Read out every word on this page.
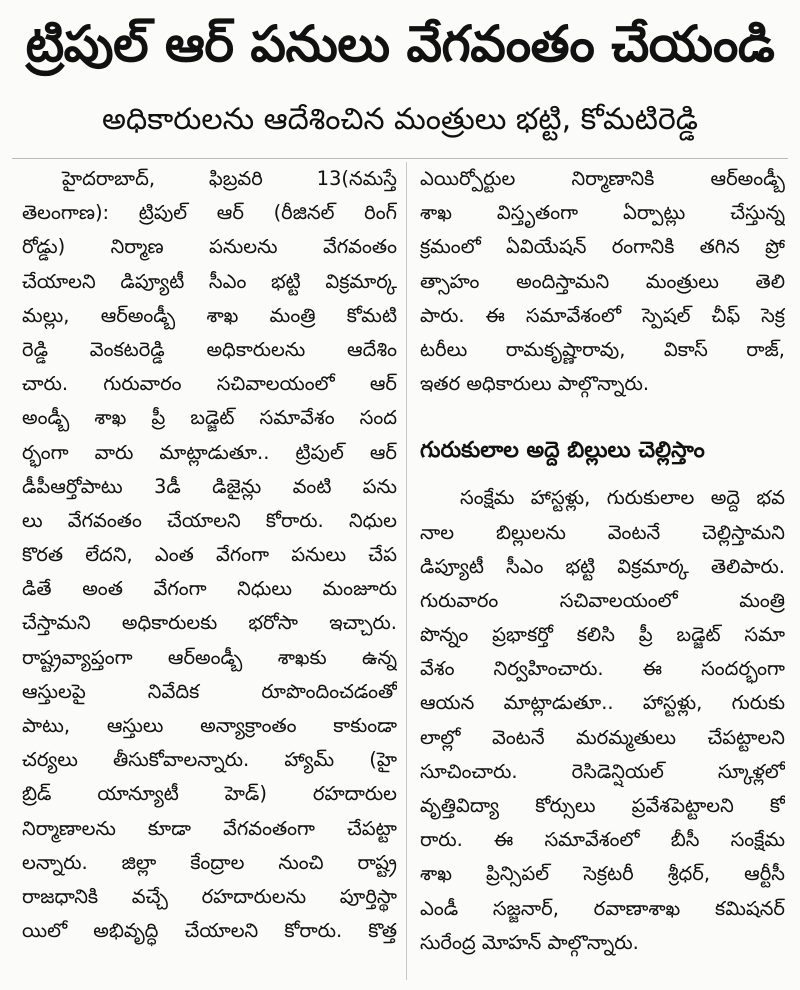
ట్రిపుల్ ఆర్ పనులు వేగవంతం చేయండి
అధికారులను ఆదేశించిన మంత్రులు భట్టి, కోమటిరెడ్డి
హైదరాబాద్, ఫిబ్రవరి 13(నమస్తే
తెలంగాణ): ట్రిపుల్ ఆర్ (రీజినల్ రింగ్
రోడ్డు) నిర్మాణ పనులను వేగవంతం
చేయాలని డిప్యూటీ సీఎం భట్టి విక్రమార్క
మల్లు, ఆర్అండ్బీ శాఖ మంత్రి కోమటి
రెడ్డి వెంకటరెడ్డి అధికారులను ఆదేశిం
చారు. గురువారం సచివాలయంలో ఆర్
అండ్బీ శాఖ ప్రీ బడ్జెట్ సమావేశం సంద
ర్భంగా వారు మాట్లాడుతూ.. ట్రిపుల్ ఆర్
డీపీఆర్తోపాటు 3డీ డిజైన్లు వంటి పను
లు వేగవంతం చేయాలని కోరారు. నిధుల
కొరత లేదని, ఎంత వేగంగా పనులు చేప
డితే అంత వేగంగా నిధులు మంజూరు
చేస్తామని అధికారులకు భరోసా ఇచ్చారు.
రాష్ట్రవ్యాప్తంగా ఆర్అండ్బీ శాఖకు ఉన్న
ఆస్తులపై నివేదిక రూపొందించడంతో
పాటు, ఆస్తులు అన్యాక్రాంతం కాకుండా
చర్యలు తీసుకోవాలన్నారు. హ్యామ్ (హై
బ్రిడ్ యాన్యూటీ హెడ్) రహదారుల
నిర్మాణాలను కూడా వేగవంతంగా చేపట్టా
లన్నారు. జిల్లా కేంద్రాల నుంచి రాష్ట్ర
రాజధానికి వచ్చే రహదారులను పూర్తిస్థా
యిలో అభివృద్ధి చేయాలని కోరారు. కొత్త
ఎయిర్పోర్టుల నిర్మాణానికి ఆర్అండ్బీ
శాఖ విస్తృతంగా ఏర్పాట్లు చేస్తున్న
క్రమంలో ఏవియేషన్ రంగానికి తగిన ప్రో
త్సాహం అందిస్తామని మంత్రులు తెలి
పారు. ఈ సమావేశంలో స్పెషల్ చీఫ్ సెక్ర
టరీలు రామకృష్ణారావు, వికాస్ రాజ్,
ఇతర అధికారులు పాల్గొన్నారు.
గురుకులాల అద్దె బిల్లులు చెల్లిస్తాం
సంక్షేమ హాస్టళ్లు, గురుకులాల అద్దె భవ
నాల బిల్లులను వెంటనే చెల్లిస్తామని
డిప్యూటీ సీఎం భట్టి విక్రమార్క తెలిపారు.
గురువారం సచివాలయంలో మంత్రి
పొన్నం ప్రభాకర్తో కలిసి ప్రీ బడ్జెట్ సమా
వేశం నిర్వహించారు. ఈ సందర్భంగా
ఆయన మాట్లాడుతూ.. హాస్టళ్లు, గురుకు
లాల్లో వెంటనే మరమ్మతులు చేపట్టాలని
సూచించారు. రెసిడెన్షియల్ స్కూళ్లలో
వృత్తివిద్యా కోర్సులు ప్రవేశపెట్టాలని కో
రారు. ఈ సమావేశంలో బీసీ సంక్షేమ
శాఖ ప్రిన్సిపల్ సెక్రటరీ శ్రీధర్, ఆర్టీసీ
ఎండీ సజ్జనార్, రవాణాశాఖ కమిషనర్
సురేంద్ర మోహన్ పాల్గొన్నారు.
